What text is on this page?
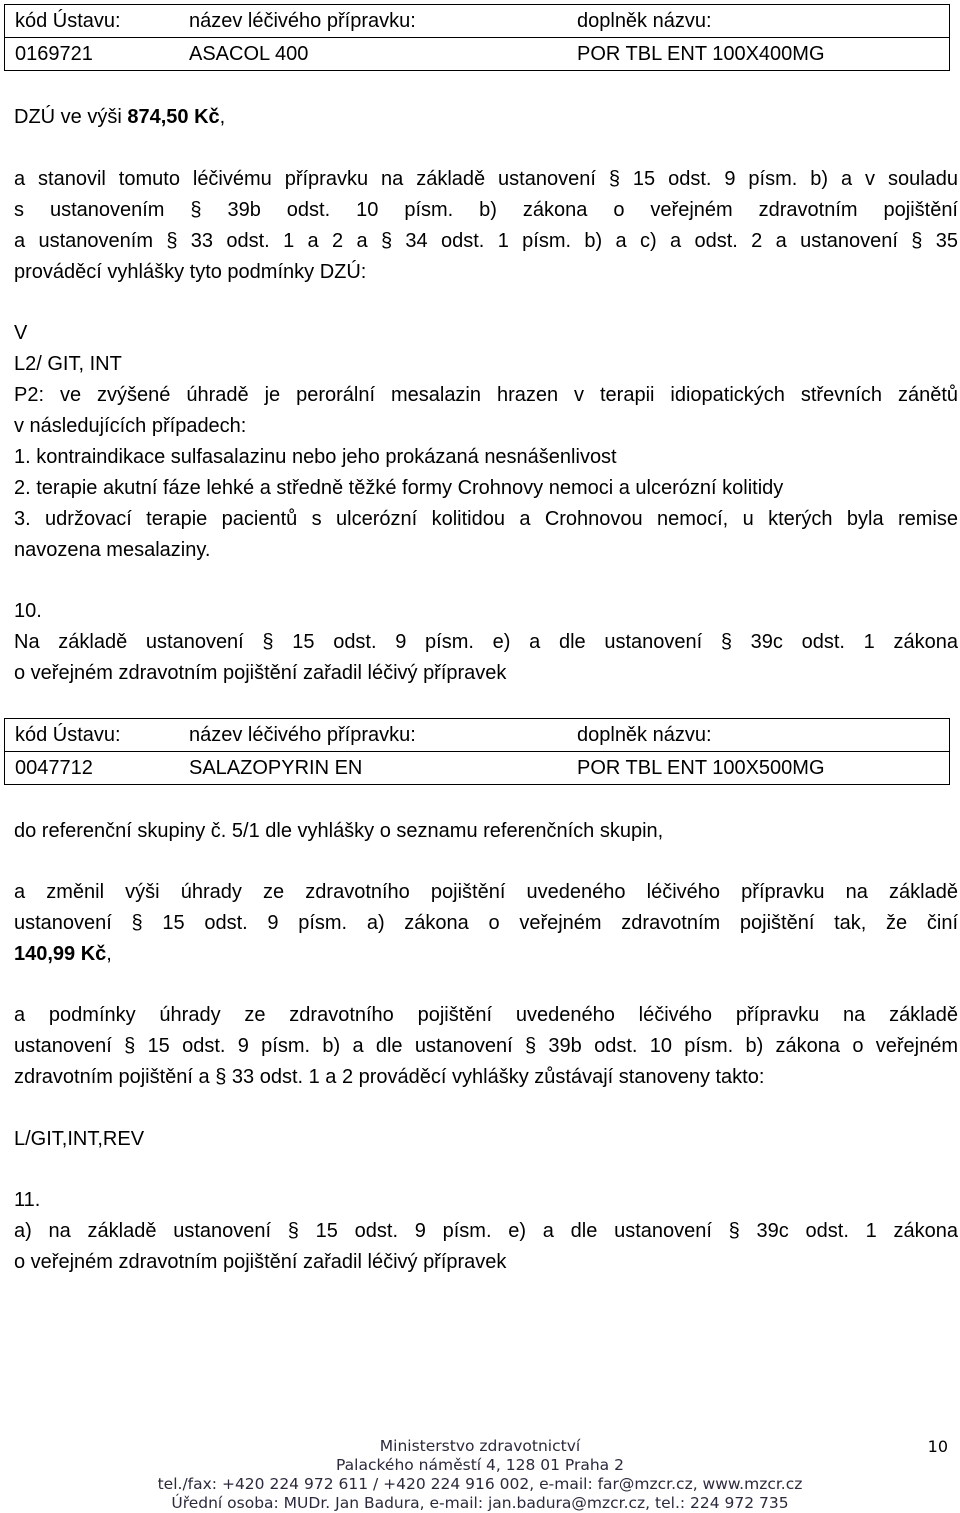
kód Ústavu:	název léčivého přípravku:	doplněk názvu:
0169721	ASACOL 400	POR TBL ENT 100X400MG
DZÚ ve výši 874,50 Kč,
a stanovil tomuto léčivému přípravku na základě ustanovení § 15 odst. 9 písm. b) a v souladu
s ustanovením § 39b odst. 10 písm. b) zákona o veřejném zdravotním pojištění
a ustanovením § 33 odst. 1 a 2 a § 34 odst. 1 písm. b) a c) a odst. 2 a ustanovení § 35
prováděcí vyhlášky tyto podmínky DZÚ:
V
L2/ GIT, INT
P2: ve zvýšené úhradě je perorální mesalazin hrazen v terapii idiopatických střevních zánětů
v následujících případech:
1. kontraindikace sulfasalazinu nebo jeho prokázaná nesnášenlivost
2. terapie akutní fáze lehké a středně těžké formy Crohnovy nemoci a ulcerózní kolitidy
3. udržovací terapie pacientů s ulcerózní kolitidou a Crohnovou nemocí, u kterých byla remise
navozena mesalaziny.
10.
Na základě ustanovení § 15 odst. 9 písm. e) a dle ustanovení § 39c odst. 1 zákona
o veřejném zdravotním pojištění zařadil léčivý přípravek
kód Ústavu:	název léčivého přípravku:	doplněk názvu:
0047712	SALAZOPYRIN EN	POR TBL ENT 100X500MG
do referenční skupiny č. 5/1 dle vyhlášky o seznamu referenčních skupin,
a změnil výši úhrady ze zdravotního pojištění uvedeného léčivého přípravku na základě
ustanovení § 15 odst. 9 písm. a) zákona o veřejném zdravotním pojištění tak, že činí
140,99 Kč,
a podmínky úhrady ze zdravotního pojištění uvedeného léčivého přípravku na základě
ustanovení § 15 odst. 9 písm. b) a dle ustanovení § 39b odst. 10 písm. b) zákona o veřejném
zdravotním pojištění a § 33 odst. 1 a 2 prováděcí vyhlášky zůstávají stanoveny takto:
L/GIT,INT,REV
11.
a) na základě ustanovení § 15 odst. 9 písm. e) a dle ustanovení § 39c odst. 1 zákona
o veřejném zdravotním pojištění zařadil léčivý přípravek
Ministerstvo zdravotnictví
Palackého náměstí 4, 128 01 Praha 2
tel./fax: +420 224 972 611 / +420 224 916 002, e-mail: far@mzcr.cz, www.mzcr.cz
Úřední osoba: MUDr. Jan Badura, e-mail: jan.badura@mzcr.cz, tel.: 224 972 735
10
